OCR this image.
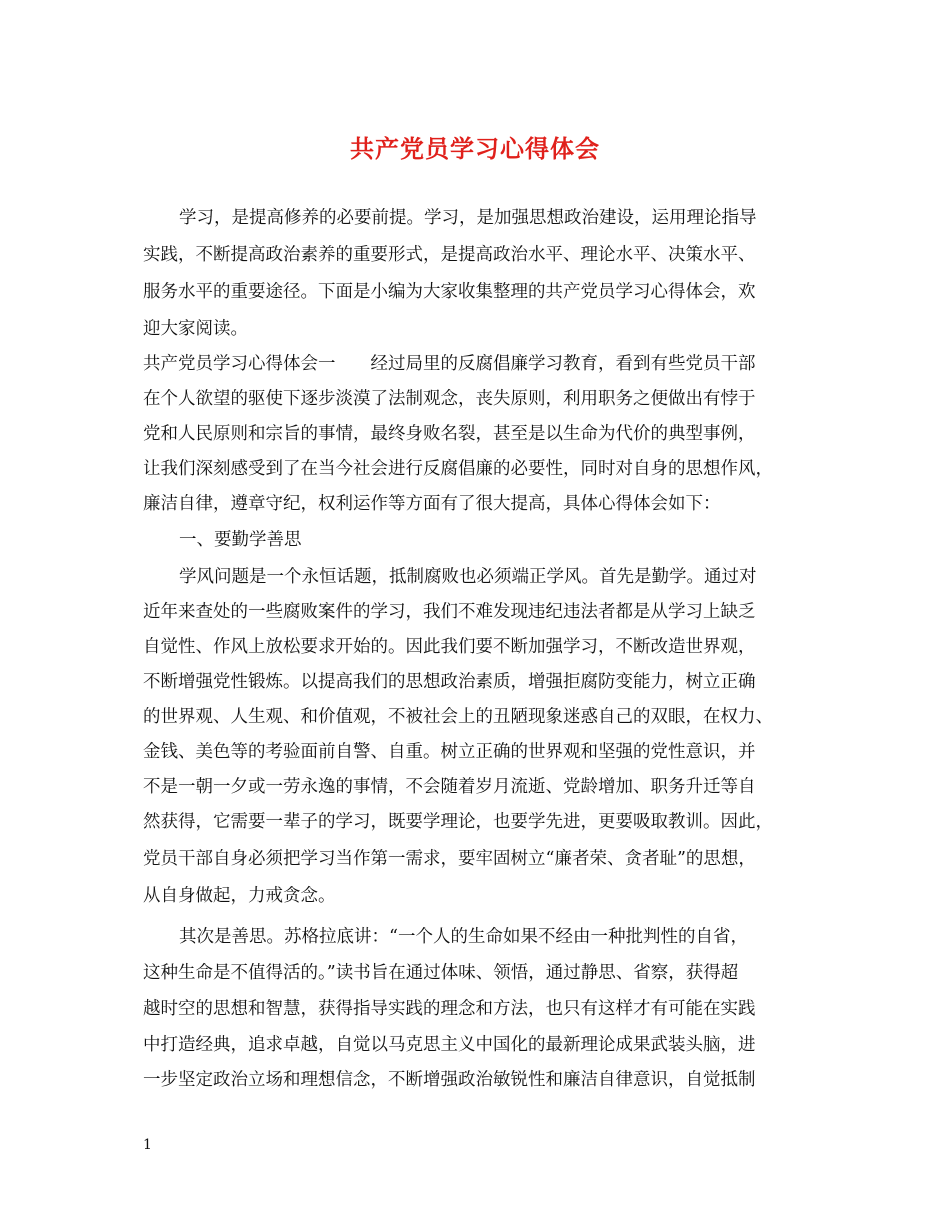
共产党员学习心得体会
学习，是提高修养的必要前提。学习，是加强思想政治建设，运用理论指导
实践，不断提高政治素养的重要形式，是提高政治水平、理论水平、决策水平、
服务水平的重要途径。下面是小编为大家收集整理的共产党员学习心得体会，欢
迎大家阅读。
共产党员学习心得体会一　　经过局里的反腐倡廉学习教育，看到有些党员干部
在个人欲望的驱使下逐步淡漠了法制观念，丧失原则，利用职务之便做出有悖于
党和人民原则和宗旨的事情，最终身败名裂，甚至是以生命为代价的典型事例，
让我们深刻感受到了在当今社会进行反腐倡廉的必要性，同时对自身的思想作风，
廉洁自律，遵章守纪，权利运作等方面有了很大提高，具体心得体会如下：
一、要勤学善思
学风问题是一个永恒话题，抵制腐败也必须端正学风。首先是勤学。通过对
近年来查处的一些腐败案件的学习，我们不难发现违纪违法者都是从学习上缺乏
自觉性、作风上放松要求开始的。因此我们要不断加强学习，不断改造世界观，
不断增强党性锻炼。以提高我们的思想政治素质，增强拒腐防变能力，树立正确
的世界观、人生观、和价值观，不被社会上的丑陋现象迷惑自己的双眼，在权力、
金钱、美色等的考验面前自警、自重。树立正确的世界观和坚强的党性意识，并
不是一朝一夕或一劳永逸的事情，不会随着岁月流逝、党龄增加、职务升迁等自
然获得，它需要一辈子的学习，既要学理论，也要学先进，更要吸取教训。因此，
党员干部自身必须把学习当作第一需求，要牢固树立“廉者荣、贪者耻”的思想，
从自身做起，力戒贪念。
其次是善思。苏格拉底讲：“一个人的生命如果不经由一种批判性的自省，
这种生命是不值得活的。”读书旨在通过体味、领悟，通过静思、省察，获得超
越时空的思想和智慧，获得指导实践的理念和方法，也只有这样才有可能在实践
中打造经典，追求卓越，自觉以马克思主义中国化的最新理论成果武装头脑，进
一步坚定政治立场和理想信念，不断增强政治敏锐性和廉洁自律意识，自觉抵制
1
